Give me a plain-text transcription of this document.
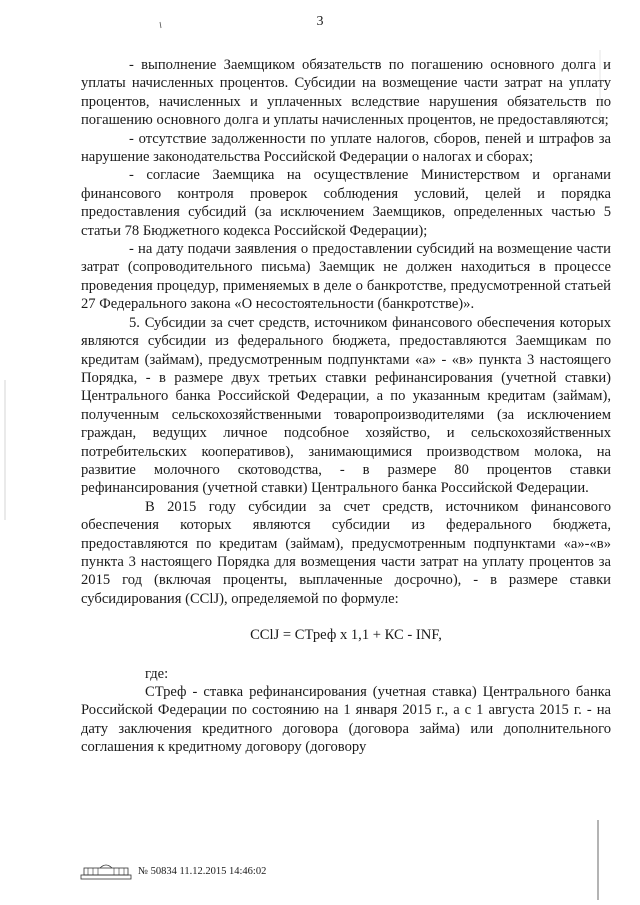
3

- выполнение Заемщиком обязательств по погашению основного долга и уплаты начисленных процентов. Субсидии на возмещение части затрат на уплату процентов, начисленных и уплаченных вследствие нарушения обязательств по погашению основного долга и уплаты начисленных процентов, не предоставляются;

- отсутствие задолженности по уплате налогов, сборов, пеней и штрафов за нарушение законодательства Российской Федерации о налогах и сборах;

- согласие Заемщика на осуществление Министерством и органами финансового контроля проверок соблюдения условий, целей и порядка предоставления субсидий (за исключением Заемщиков, определенных частью 5 статьи 78 Бюджетного кодекса Российской Федерации);

- на дату подачи заявления о предоставлении субсидий на возмещение части затрат (сопроводительного письма) Заемщик не должен находиться в процессе проведения процедур, применяемых в деле о банкротстве, предусмотренной статьей 27 Федерального закона «О несостоятельности (банкротстве)».

5. Субсидии за счет средств, источником финансового обеспечения которых являются субсидии из федерального бюджета, предоставляются Заемщикам по кредитам (займам), предусмотренным подпунктами «а» - «в» пункта 3 настоящего Порядка, - в размере двух третьих ставки рефинансирования (учетной ставки) Центрального банка Российской Федерации, а по указанным кредитам (займам), полученным сельскохозяйственными товаропроизводителями (за исключением граждан, ведущих личное подсобное хозяйство, и сельскохозяйственных потребительских кооперативов), занимающимися производством молока, на развитие молочного скотоводства, - в размере 80 процентов ставки рефинансирования (учетной ставки) Центрального банка Российской Федерации.

В 2015 году субсидии за счет средств, источником финансового обеспечения которых являются субсидии из федерального бюджета, предоставляются по кредитам (займам), предусмотренным подпунктами «а»-«в» пункта 3 настоящего Порядка для возмещения части затрат на уплату процентов за 2015 год (включая проценты, выплаченные досрочно), - в размере ставки субсидирования (ССlJ), определяемой по формуле:

ССlJ = СТреф х 1,1 + КС - INF,

где:

СТреф - ставка рефинансирования (учетная ставка) Центрального банка Российской Федерации по состоянию на 1 января 2015 г., а с 1 августа 2015 г. - на дату заключения кредитного договора (договора займа) или дополнительного соглашения к кредитному договору (договору

№ 50834 11.12.2015 14:46:02
